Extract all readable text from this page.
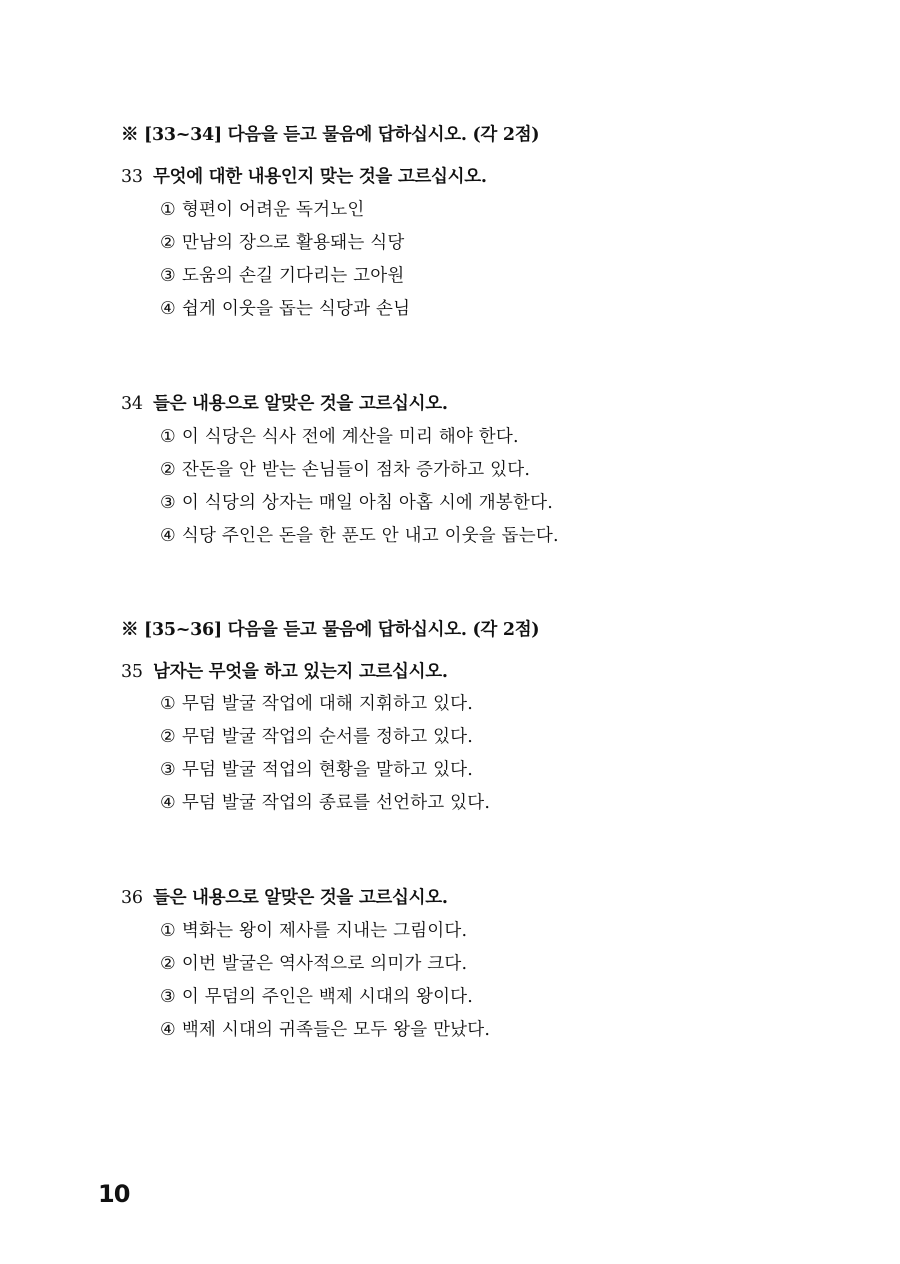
※ [33~34] 다음을 듣고 물음에 답하십시오. (각 2점)
33 무엇에 대한 내용인지 맞는 것을 고르십시오.
① 형편이 어려운 독거노인
② 만남의 장으로 활용돼는 식당
③ 도움의 손길 기다리는 고아원
④ 쉽게 이웃을 돕는 식당과 손님
34 들은 내용으로 알맞은 것을 고르십시오.
① 이 식당은 식사 전에 계산을 미리 해야 한다.
② 잔돈을 안 받는 손님들이 점차 증가하고 있다.
③ 이 식당의 상자는 매일 아침 아홉 시에 개봉한다.
④ 식당 주인은 돈을 한 푼도 안 내고 이웃을 돕는다.
※ [35~36] 다음을 듣고 물음에 답하십시오. (각 2점)
35 남자는 무엇을 하고 있는지 고르십시오.
① 무덤 발굴 작업에 대해 지휘하고 있다.
② 무덤 발굴 작업의 순서를 정하고 있다.
③ 무덤 발굴 적업의 현황을 말하고 있다.
④ 무덤 발굴 작업의 종료를 선언하고 있다.
36 들은 내용으로 알맞은 것을 고르십시오.
① 벽화는 왕이 제사를 지내는 그림이다.
② 이번 발굴은 역사적으로 의미가 크다.
③ 이 무덤의 주인은 백제 시대의 왕이다.
④ 백제 시대의 귀족들은 모두 왕을 만났다.
10
